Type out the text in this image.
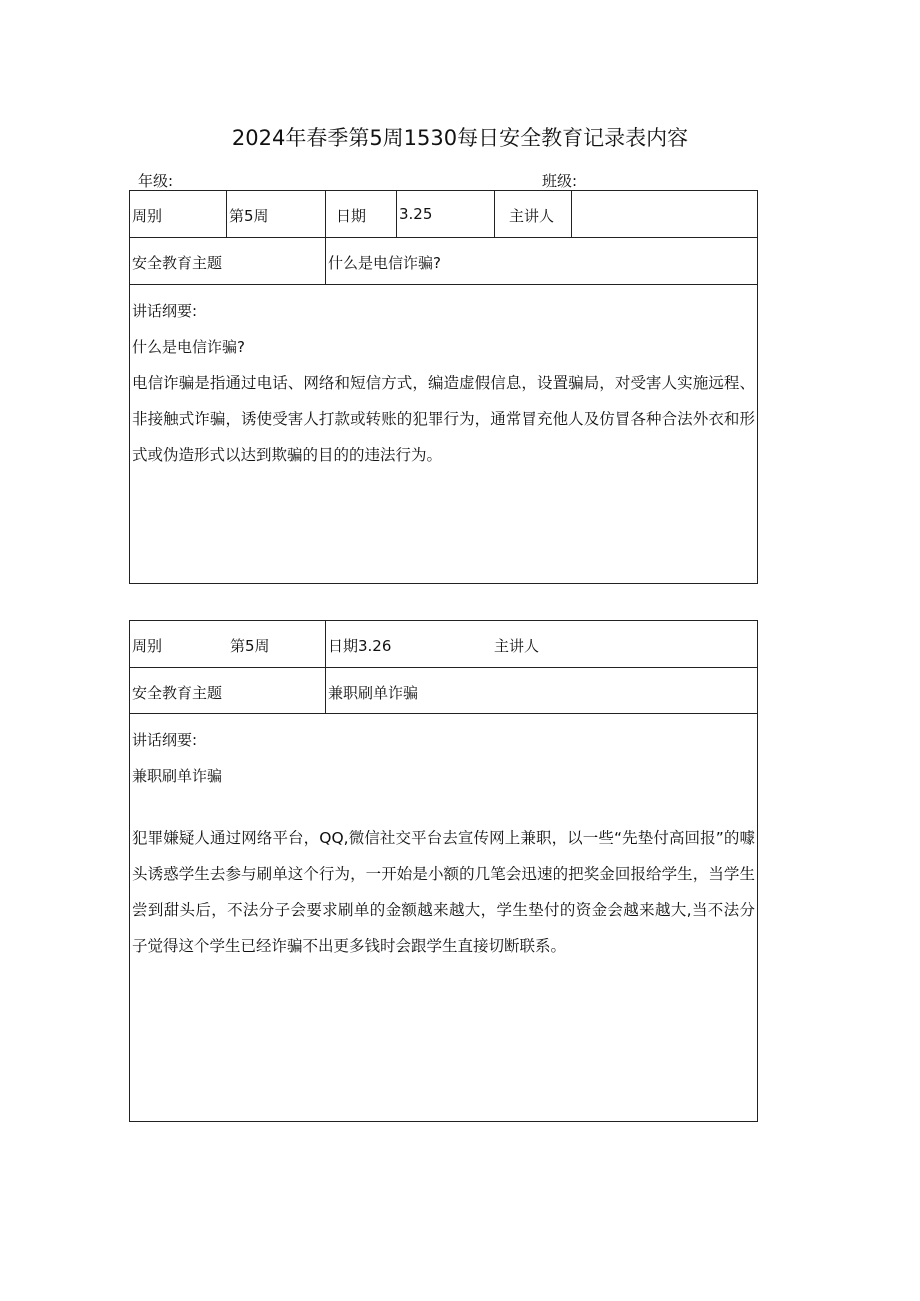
2024年春季第5周1530每日安全教育记录表内容
年级:	班级:
周别	第5周	日期	3.25	主讲人
安全教育主题	什么是电信诈骗?

讲话纲要:

什么是电信诈骗?

电信诈骗是指通过电话、网络和短信方式，编造虚假信息，设置骗局，对受害人实施远程、非接触式诈骗，诱使受害人打款或转账的犯罪行为，通常冒充他人及仿冒各种合法外衣和形式或伪造形式以达到欺骗的目的的违法行为。

周别	第5周	日期3.26	主讲人
安全教育主题	兼职刷单诈骗

讲话纲要:

兼职刷单诈骗

犯罪嫌疑人通过网络平台，QQ,微信社交平台去宣传网上兼职，以一些“先垫付高回报”的噱头诱惑学生去参与刷单这个行为，一开始是小额的几笔会迅速的把奖金回报给学生，当学生尝到甜头后，不法分子会要求刷单的金额越来越大，学生垫付的资金会越来越大,当不法分子觉得这个学生已经诈骗不出更多钱时会跟学生直接切断联系。
